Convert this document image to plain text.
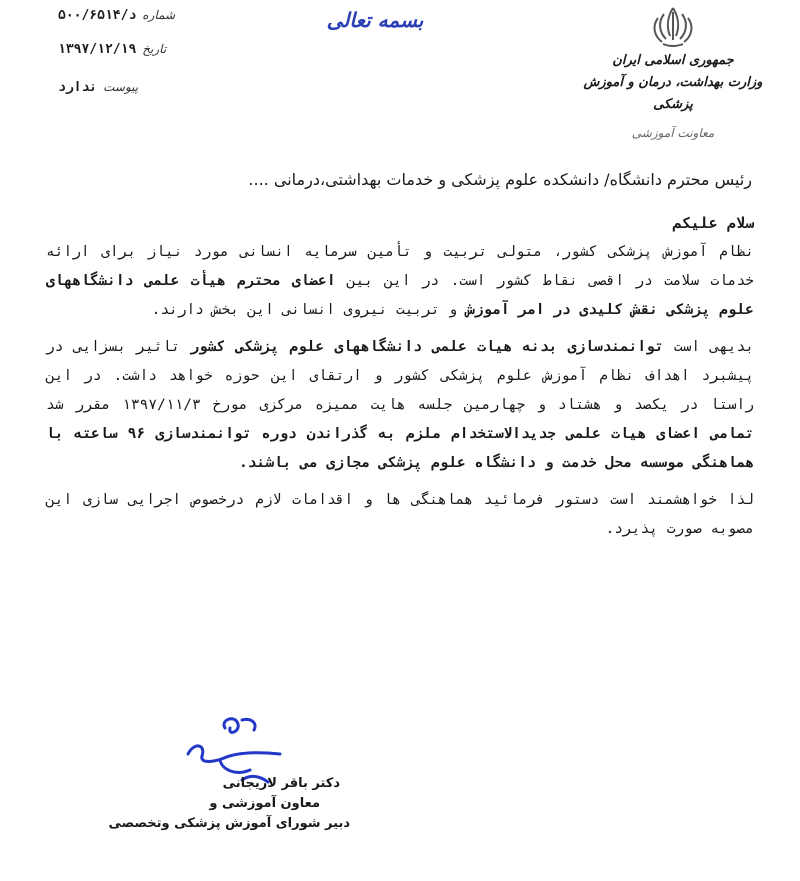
جمهوری اسلامی ایران
وزارت بهداشت، درمان و آموزش پزشکی
معاونت آموزشی
بسمه تعالی
شماره
د/۵۰۰/۶۵۱۴
تاریخ
۱۳۹۷/۱۲/۱۹
پیوست
ندارد
رئیس محترم دانشگاه/ دانشکده علوم پزشکی و خدمات بهداشتی،درمانی ....

سلام علیکم

نظام آموزش پزشکی کشور، متولی تربیت و تأمین سرمایه انسانی مورد نیاز برای ارائه خدمات سلامت در اقصی نقاط کشور است. در این بین اعضای محترم هیأت علمی دانشگاههای علوم پزشکی نقش کلیدی در امر آموزش و تربیت نیروی انسانی این بخش دارند.

بدیهی است توانمندسازی بدنه هیات علمی دانشگاههای علوم پزشکی کشور تاثیر بسزایی در پیشبرد اهداف نظام آموزش علوم پزشکی کشور و ارتقای این حوزه خواهد داشت. در این راستا در یکصد و هشتاد و چهارمین جلسه هایت ممیزه مرکزی مورخ ۱۳۹۷/۱۱/۳ مقرر شد تمامی اعضای هیات علمی جدیدالاستخدام ملزم به گذراندن دوره توانمندسازی ۹۶ ساعته با هماهنگی موسسه محل خدمت و دانشگاه علوم پزشکی مجازی می باشند.

لذا خواهشمند است دستور فرمائید هماهنگی ها و اقدامات لازم درخصوص اجرایی سازی این مصوبه صورت پذیرد.

دکتر باقر لاریجانی
معاون آموزشی و
دبیر شورای آموزش پزشکی وتخصصی
